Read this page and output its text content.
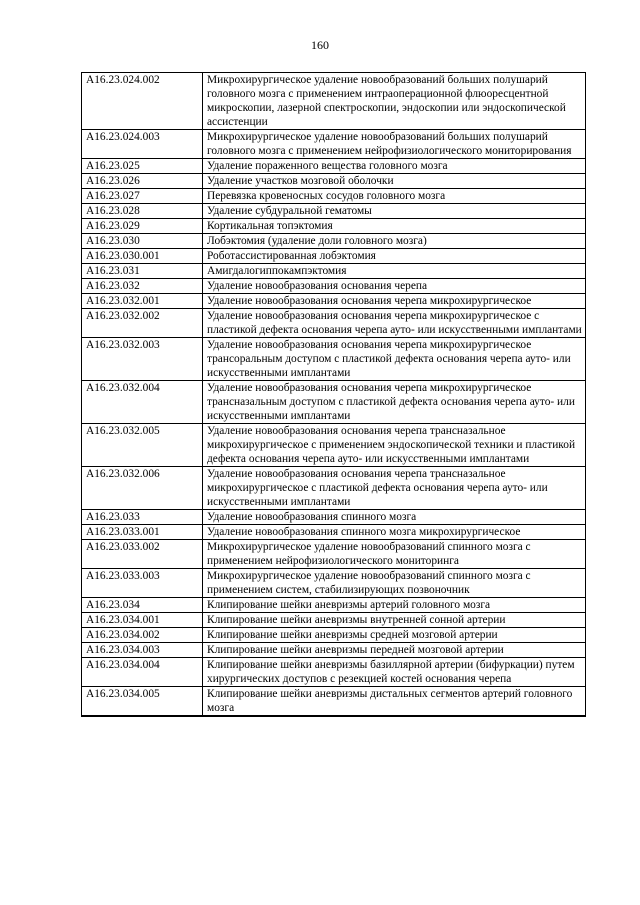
160
A16.23.024.002	Микрохирургическое удаление новообразований больших полушарий головного мозга с применением интраоперационной флюоресцентной микроскопии, лазерной спектроскопии, эндоскопии или эндоскопической ассистенции
A16.23.024.003	Микрохирургическое удаление новообразований больших полушарий головного мозга с применением нейрофизиологического мониторирования
A16.23.025	Удаление пораженного вещества головного мозга
A16.23.026	Удаление участков мозговой оболочки
A16.23.027	Перевязка кровеносных сосудов головного мозга
A16.23.028	Удаление субдуральной гематомы
A16.23.029	Кортикальная топэктомия
A16.23.030	Лобэктомия (удаление доли головного мозга)
A16.23.030.001	Роботассистированная лобэктомия
A16.23.031	Амигдалогиппокампэктомия
A16.23.032	Удаление новообразования основания черепа
A16.23.032.001	Удаление новообразования основания черепа микрохирургическое
A16.23.032.002	Удаление новообразования основания черепа микрохирургическое с пластикой дефекта основания черепа ауто- или искусственными имплантами
A16.23.032.003	Удаление новообразования основания черепа микрохирургическое трансоральным доступом с пластикой дефекта основания черепа ауто- или искусственными имплантами
A16.23.032.004	Удаление новообразования основания черепа микрохирургическое трансназальным доступом с пластикой дефекта основания черепа ауто- или искусственными имплантами
A16.23.032.005	Удаление новообразования основания черепа трансназальное микрохирургическое с применением эндоскопической техники и пластикой дефекта основания черепа ауто- или искусственными имплантами
A16.23.032.006	Удаление новообразования основания черепа трансназальное микрохирургическое с пластикой дефекта основания черепа ауто- или искусственными имплантами
A16.23.033	Удаление новообразования спинного мозга
A16.23.033.001	Удаление новообразования спинного мозга микрохирургическое
A16.23.033.002	Микрохирургическое удаление новообразований спинного мозга с применением нейрофизиологического мониторинга
A16.23.033.003	Микрохирургическое удаление новообразований спинного мозга с применением систем, стабилизирующих позвоночник
A16.23.034	Клипирование шейки аневризмы артерий головного мозга
A16.23.034.001	Клипирование шейки аневризмы внутренней сонной артерии
A16.23.034.002	Клипирование шейки аневризмы средней мозговой артерии
A16.23.034.003	Клипирование шейки аневризмы передней мозговой артерии
A16.23.034.004	Клипирование шейки аневризмы базиллярной артерии (бифуркации) путем хирургических доступов с резекцией костей основания черепа
A16.23.034.005	Клипирование шейки аневризмы дистальных сегментов артерий головного мозга
